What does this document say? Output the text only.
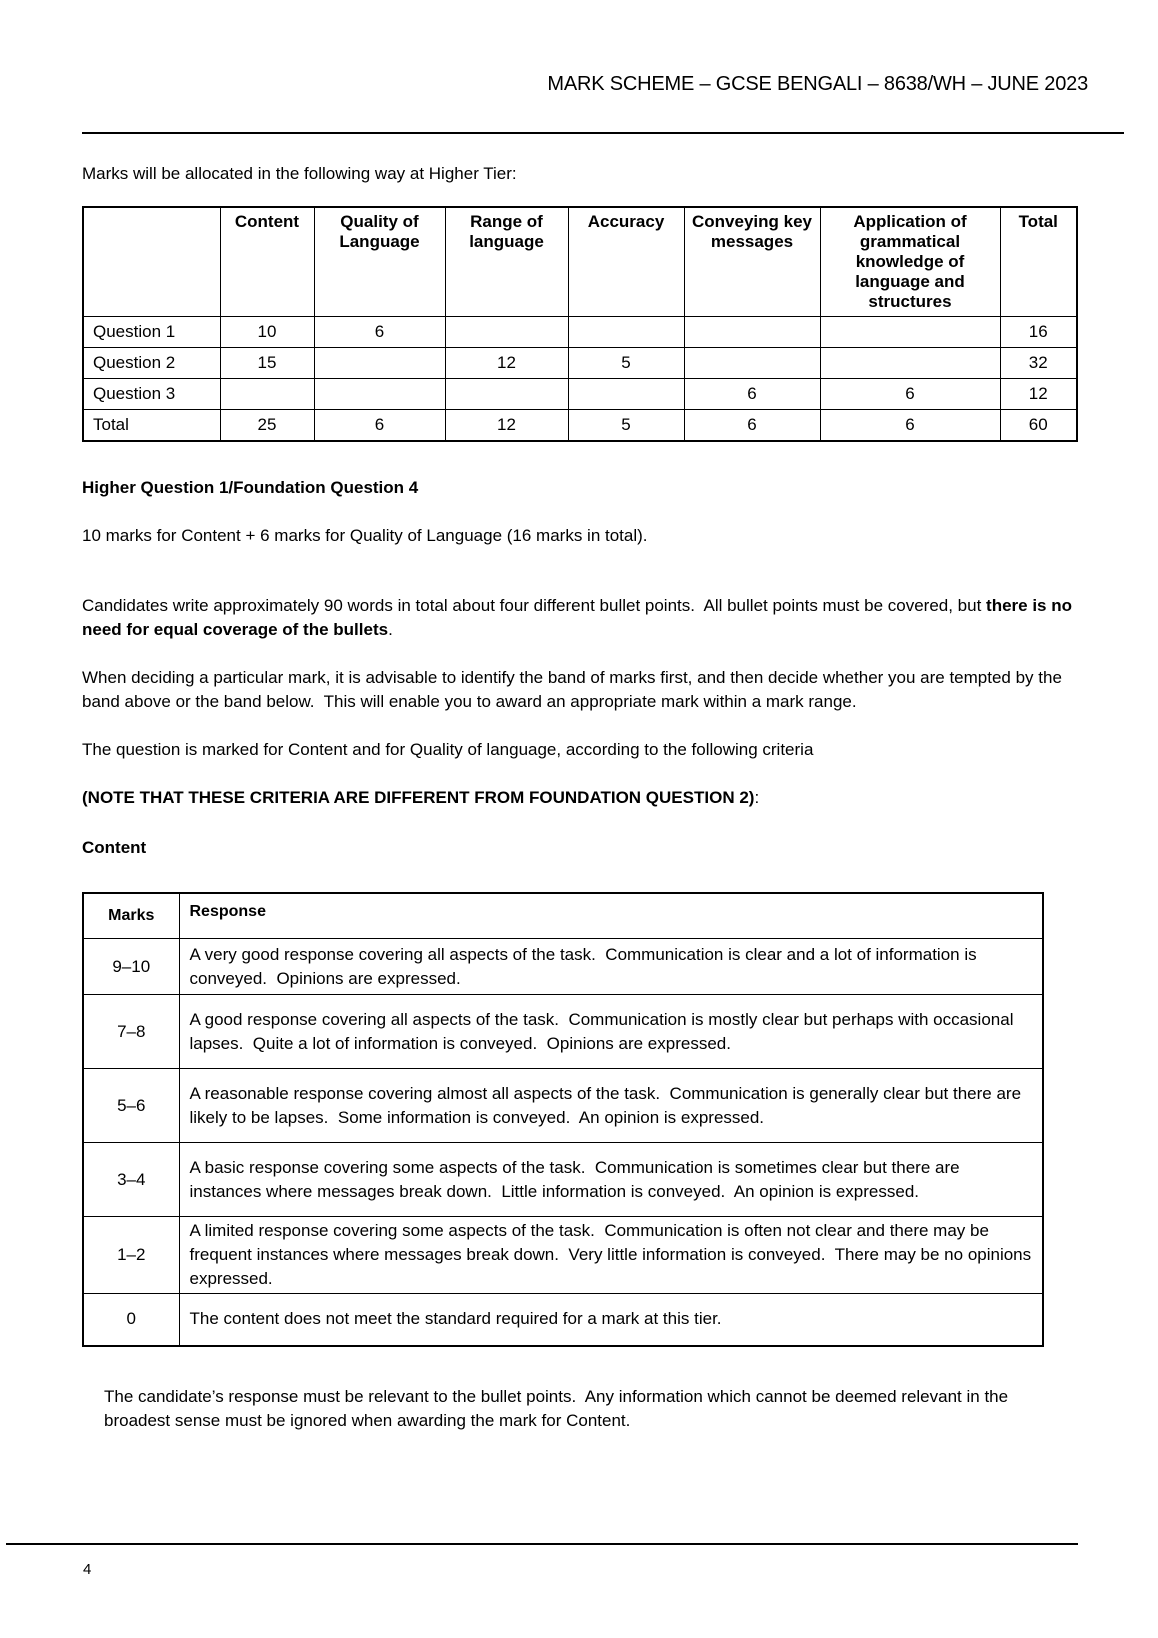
MARK SCHEME – GCSE BENGALI – 8638/WH – JUNE 2023

Marks will be allocated in the following way at Higher Tier:

	Content	Quality of Language	Range of language	Accuracy	Conveying key messages	Application of grammatical knowledge of language and structures	Total
Question 1	10	6					16
Question 2	15		12	5			32
Question 3					6	6	12
Total	25	6	12	5	6	6	60

Higher Question 1/Foundation Question 4

10 marks for Content + 6 marks for Quality of Language (16 marks in total).

Candidates write approximately 90 words in total about four different bullet points.  All bullet points must be covered, but there is no need for equal coverage of the bullets.

When deciding a particular mark, it is advisable to identify the band of marks first, and then decide whether you are tempted by the band above or the band below.  This will enable you to award an appropriate mark within a mark range.

The question is marked for Content and for Quality of language, according to the following criteria

(NOTE THAT THESE CRITERIA ARE DIFFERENT FROM FOUNDATION QUESTION 2):

Content

Marks	Response
9–10	A very good response covering all aspects of the task.  Communication is clear and a lot of information is conveyed.  Opinions are expressed.
7–8	A good response covering all aspects of the task.  Communication is mostly clear but perhaps with occasional lapses.  Quite a lot of information is conveyed.  Opinions are expressed.
5–6	A reasonable response covering almost all aspects of the task.  Communication is generally clear but there are likely to be lapses.  Some information is conveyed.  An opinion is expressed.
3–4	A basic response covering some aspects of the task.  Communication is sometimes clear but there are instances where messages break down.  Little information is conveyed.  An opinion is expressed.
1–2	A limited response covering some aspects of the task.  Communication is often not clear and there may be frequent instances where messages break down.  Very little information is conveyed.  There may be no opinions expressed.
0	The content does not meet the standard required for a mark at this tier.

The candidate’s response must be relevant to the bullet points.  Any information which cannot be deemed relevant in the broadest sense must be ignored when awarding the mark for Content.

4
